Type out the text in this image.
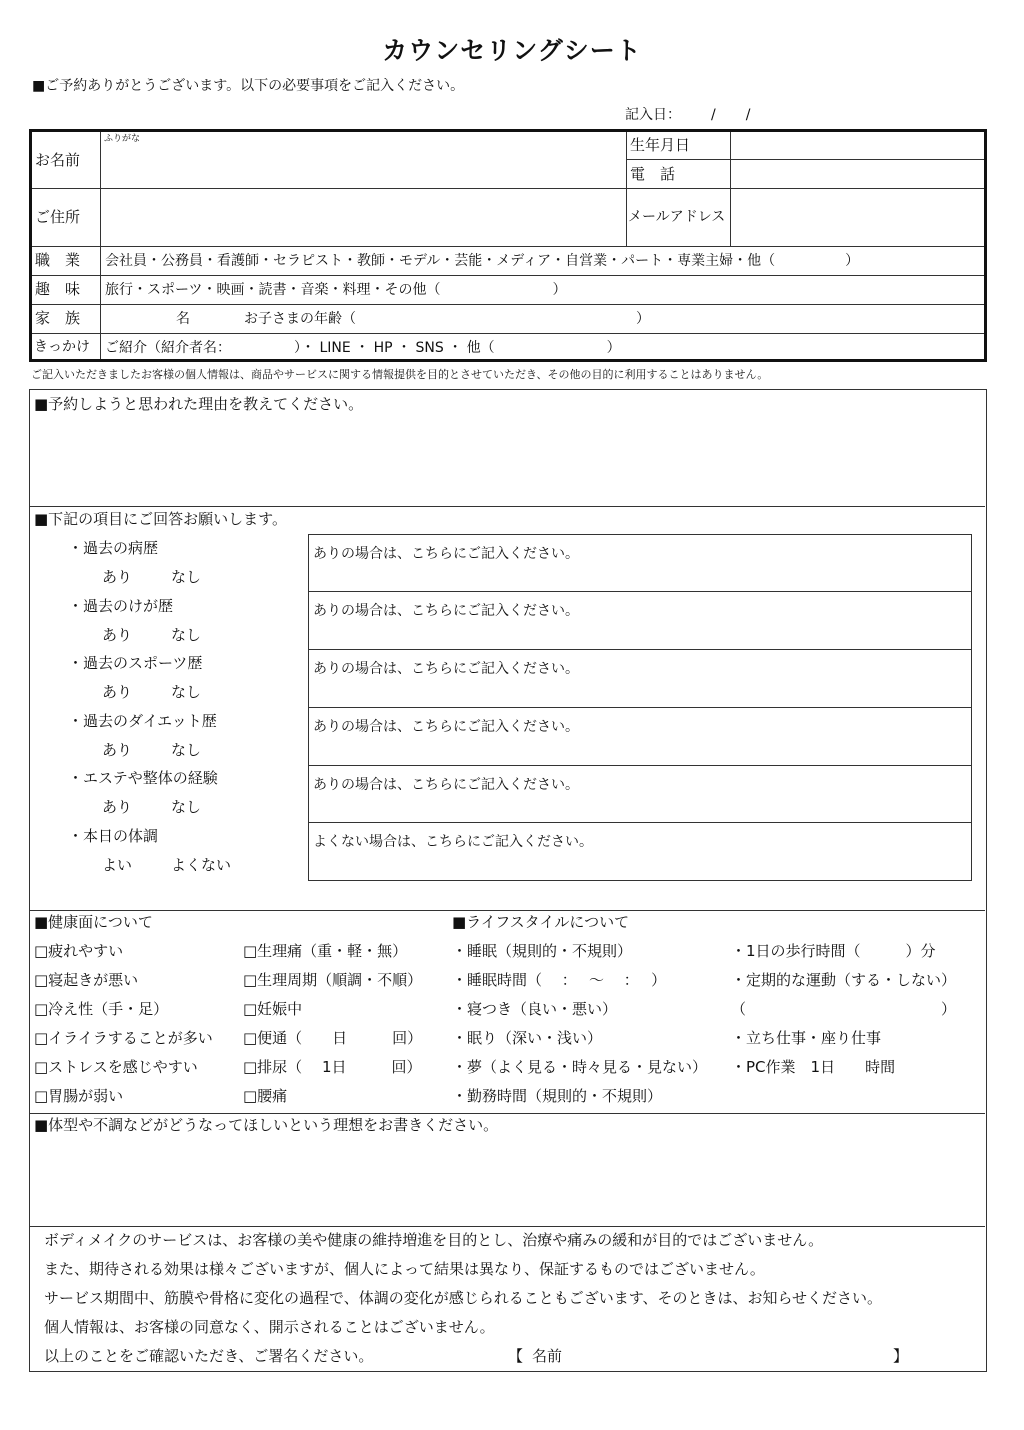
カウンセリングシート
■ご予約ありがとうございます。以下の必要事項をご記入ください。
記入日： / /
ふりがな
お名前
生年月日
電　話
ご住所	メールアドレス
職　業 会社員・公務員・看護師・セラピスト・教師・モデル・芸能・メディア・自営業・パート・専業主婦・他（　　　　　）
趣　味 旅行・スポーツ・映画・読書・音楽・料理・その他（　　　　　　　　）
家　族	名	お子さまの年齢（　　　　　　　　　　　　　　　　　　　　）
きっかけ ご紹介（紹介者名：　　　　　）・ LINE ・ HP ・ SNS ・ 他（　　　　　　　　）
ご記入いただきましたお客様の個人情報は、商品やサービスに関する情報提供を目的とさせていただき、その他の目的に利用することはありません。
■予約しようと思われた理由を教えてください。
■下記の項目にご回答お願いします。
・過去の病歴
あり	なし
ありの場合は、こちらにご記入ください。
・過去のけが歴
あり	なし
ありの場合は、こちらにご記入ください。
・過去のスポーツ歴
あり	なし
ありの場合は、こちらにご記入ください。
・過去のダイエット歴
あり	なし
ありの場合は、こちらにご記入ください。
・エステや整体の経験
あり	なし
ありの場合は、こちらにご記入ください。
・本日の体調
よい	よくない
よくない場合は、こちらにご記入ください。
■健康面について
□疲れやすい
□寝起きが悪い
□冷え性（手・足）
□イライラすることが多い
□ストレスを感じやすい
□胃腸が弱い
□生理痛（重・軽・無）
□生理周期（順調・不順）
□妊娠中
□便通（　　日　　　回）
□排尿（　 1日　　　回）
□腰痛
■ライフスタイルについて
・睡眠（規則的・不規則）
・睡眠時間（　 ：　 〜　 ：　 ）
・寝つき（良い・悪い）
・眠り（深い・浅い）
・夢（よく見る・時々見る・見ない）
・勤務時間（規則的・不規則）
・1日の歩行時間（　　　）分
・定期的な運動（する・しない）
（　　　　　　　　　　　　　）
・立ち仕事・座り仕事
・PC作業　1日　　時間
■体型や不調などがどうなってほしいという理想をお書きください。
ボディメイクのサービスは、お客様の美や健康の維持増進を目的とし、治療や痛みの緩和が目的ではございません。
また、期待される効果は様々ございますが、個人によって結果は異なり、保証するものではございません。
サービス期間中、筋膜や骨格に変化の過程で、体調の変化が感じられることもございます、そのときは、お知らせください。
個人情報は、お客様の同意なく、開示されることはございません。
以上のことをご確認いただき、ご署名ください。	【 名前	】
